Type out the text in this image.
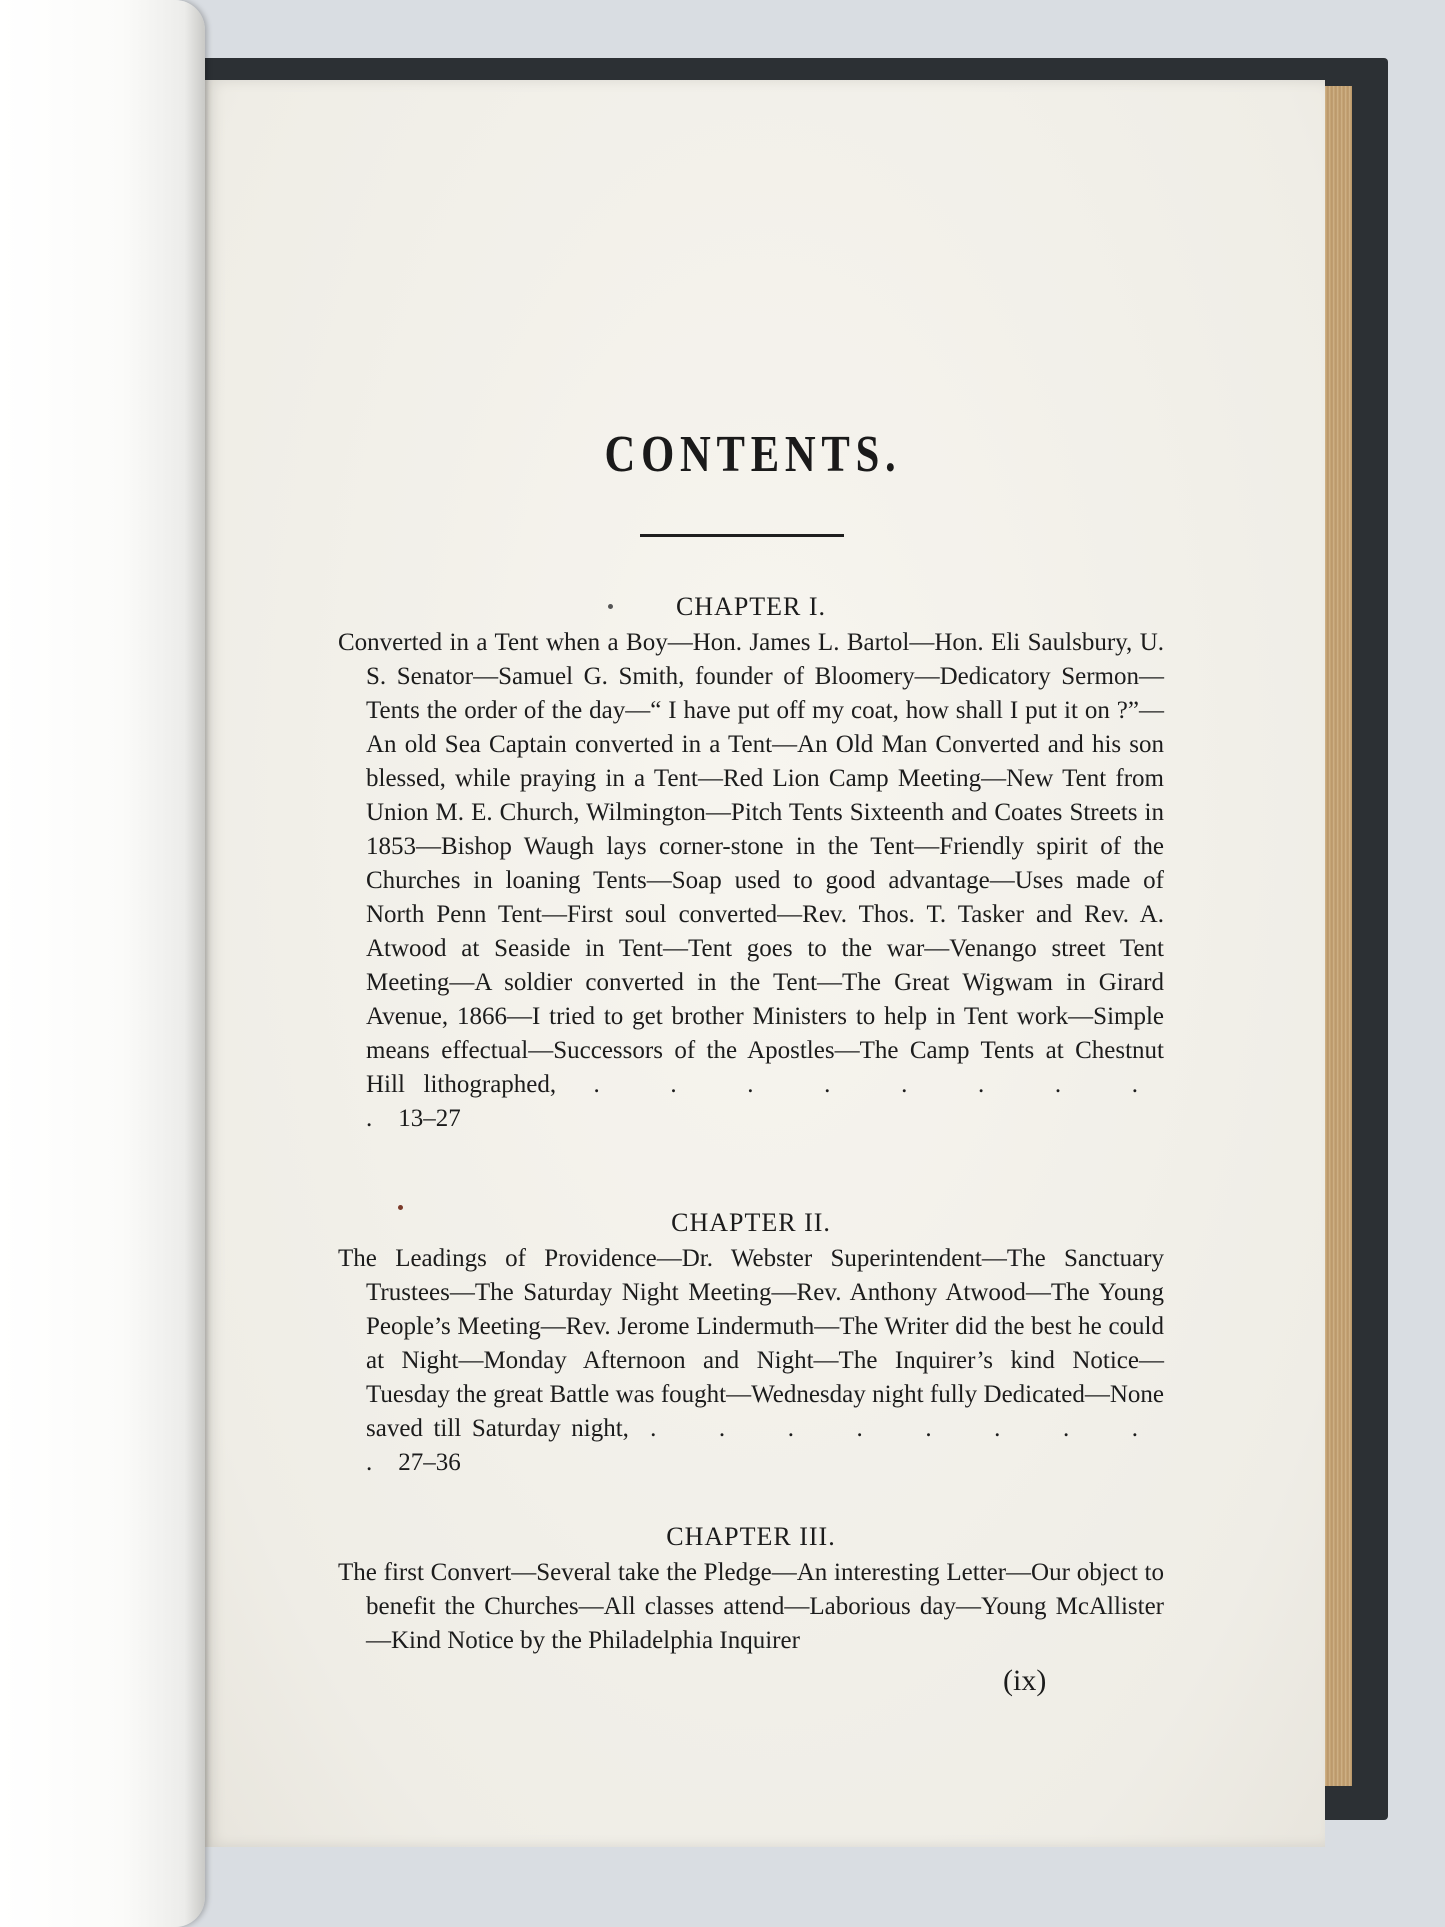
CONTENTS.
CHAPTER I.

Converted in a Tent when a Boy—Hon. James L. Bartol—Hon. Eli Saulsbury, U. S. Senator—Samuel G. Smith, founder of Bloomery—Dedicatory Sermon—Tents the order of the day—“ I have put off my coat, how shall I put it on ?”—An old Sea Captain converted in a Tent—An Old Man Converted and his son blessed, while praying in a Tent—Red Lion Camp Meeting—New Tent from Union M. E. Church, Wilmington—Pitch Tents Sixteenth and Coates Streets in 1853—Bishop Waugh lays corner-stone in the Tent—Friendly spirit of the Churches in loaning Tents—Soap used to good advantage—Uses made of North Penn Tent—First soul converted—Rev. Thos. T. Tasker and Rev. A. Atwood at Seaside in Tent—Tent goes to the war—Venango street Tent Meeting—A soldier converted in the Tent—The Great Wigwam in Girard Avenue, 1866—I tried to get brother Ministers to help in Tent work—Simple means effectual—Successors of the Apostles—The Camp Tents at Chestnut Hill lithographed, . . . . . . . . .13–27

CHAPTER II.

The Leadings of Providence—Dr. Webster Superintendent—The Sanctuary Trustees—The Saturday Night Meeting—Rev. Anthony Atwood—The Young People’s Meeting—Rev. Jerome Lindermuth—The Writer did the best he could at Night—Monday Afternoon and Night—The Inquirer’s kind Notice—Tuesday the great Battle was fought—Wednesday night fully Dedicated—None saved till Saturday night, . . . . . . . . .27–36

CHAPTER III.

The first Convert—Several take the Pledge—An interesting Letter—Our object to benefit the Churches—All classes attend—Laborious day—Young McAllister—Kind Notice by the Philadelphia Inquirer

(ix)
